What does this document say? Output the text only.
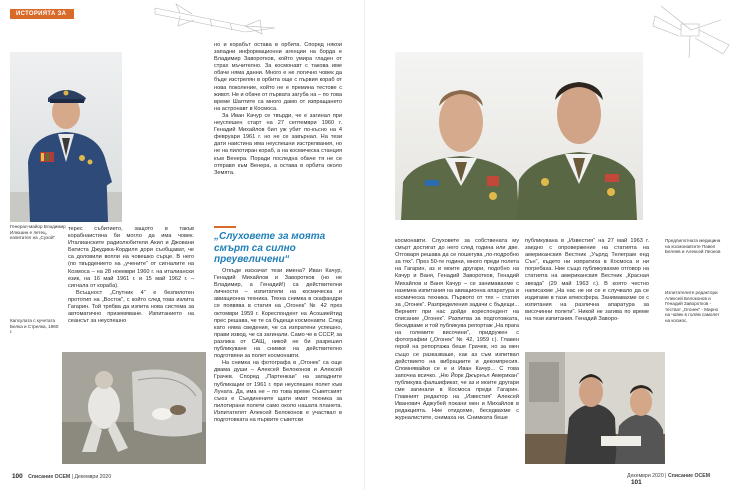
ИСТОРИЯТА ЗА
Генерал-майор Владимир Илюшин е летец, изпитател на „Сухой“
Капсулата с кучетата Белка и Стрелка, 1960 г.

терес събитието, защото в такъв корабнаистина би могло да има човек. Италианските радиолюбители Акил и Джовани Батиста Джудика-Кордиля дори съобщават, че са доловили вопли на човешко сърце. В него (по твърдението на „учените“ от сигналите на Козмоса – на 28 ноември 1960 г. на италиански език, на 16 май 1961 г. и 15 май 1962 г. – сигнала от кораба).

Всъщност „Спутник 4“ е безпилотен прототип на „Восток“, с който след това излита Гагарин. Той трябва да изпита нова система за автоматично приземяване. Изпитанието на сеансът за неуспешно

но и корабът остава в орбита. Според някои западни информационни агенции на борда е Владимир Заворотков, който умира гладен от страх мъчително. За космонавт с такова име обаче няма данни. Много е не логично човек да бъде изстрелян в орбита още с първия кораб от нова поколение, който не е премина тестове с живот. Не и обаче от първата загуба на – по това време Шаптите са много дамо от изпращането на астронавт в Космоса.

За Иван Качур се твърди, че е загинал при неуспешен старт на 27 септември 1960 г. Генадий Михайлов бил уж убит по-късно на 4 февруари 1961 г. но не се завърнал. На тези дати наистина има неуспешни изстрелвания, но не на пилотиран кораб, а на космическа станция към Венера. Поради последна обаче тя не се отправя към Венера, а остава в орбита около Земята.

„Слуховете за моята смърт са силно преувеличени“

Откъде изскачат тези имена? Иван Качур, Генадий Михайлов и Заворотков (но не Владимир, а Генадий!) са действителни личности – изпитатели на космическа и авиационна техника. Тяхна снимка в скафандри се появява в статия на „Огонек“ № 42 през октомври 1959 г. Кореспондент на Асошиейтид прес решава, че те са бъдещи космонавти. След като няма сведения, че са изпратени успешно, прави извод, че са загинали. Само че в СССР, за разлика от САЩ, никой не би разрешил публикуване на снимки на действително подготвяни за полет космонавти.

На снимка на фотографа в „Огонек“ са още двама души – Алексей Белоконов и Алексей Грачев. Според „Партенкаи“ на западните публикации от 1961 г. при неуспешен полет към Луната. Да, има не – по това време Съветският съюз е Съединените щати имат техника за пилотирани полети само около нашата планета. Изпитателят Алексей Белоконов е участвал в подготовката на първите съветски

100 Списание ОСЕМ | Декември 2020
Предпилотната медицина на космонавтите Павел Беляев и Алексей Леонов
Изпитателите редактори Алексей Белоконов и Генадий Заворотков - тестват „Огонек“ - Мирно на човек в голям самолет на космос.

космонавти. Слуховете за собствената му смърт достигат до него след година или две. Отговаря решава да се пошегува „по-подробно за тях“. През 50-те години, много преди полета на Гагарин, аз и моите другари, подобно на Качур и Ваня, Генадий Заворотков, Генадий Михайлов и Ваня Качур – се занимавахме с наземна изпитания на авиационна апаратура и космическа техника. Първото от тях – статия за „Огонек“. Разпределения задачи с бъдещи... Верният при нас дойде кореспондент на списание „Огонек“. Разпитва за подготовката, беседваме и той публикува репортаж „На прага на големите височини“, придружен с фотографии („Огонек“ № 42, 1959 г.). Главен герой на репортажа беше Грачев, но за мен също се разказваше, как аз съм изпитвал действието на вибрациите и декомпресия. Спомнявайки се е и Иван Качур... С това започна всичко. „Ню Йорк Джърнъл Американ“ публикува фалшификат, че аз и моите другари сме загинали в Космоса преди Гагарин. Главният редактор на „Известия“ Алексей Иванович Аджубей покани мен и Михайлов в редакцията. Ние отидохме, беседвахме с журналистите, снимаха ни. Снимката беше

публикувана в „Известия“ на 27 май 1963 г. заедно с опровержение на статията на американския Вестник „Уърлд Телеграм енд Сън“, където ни изпратиха в Космоса и ни погребаха. Ние също публикувахме отговор на статията на американския Вестник „Красная звезда“ (29 май 1963 г.). В която честно написахме „На нас не ни се е случвало да се издигаме в тази атмосфера. Занимавахме се с изпитания на различна апаратура за височинни полети“. Никой не загива по време на тези изпитания. Генадий Заворо-

Декември 2020 | Списание ОСЕМ 101
